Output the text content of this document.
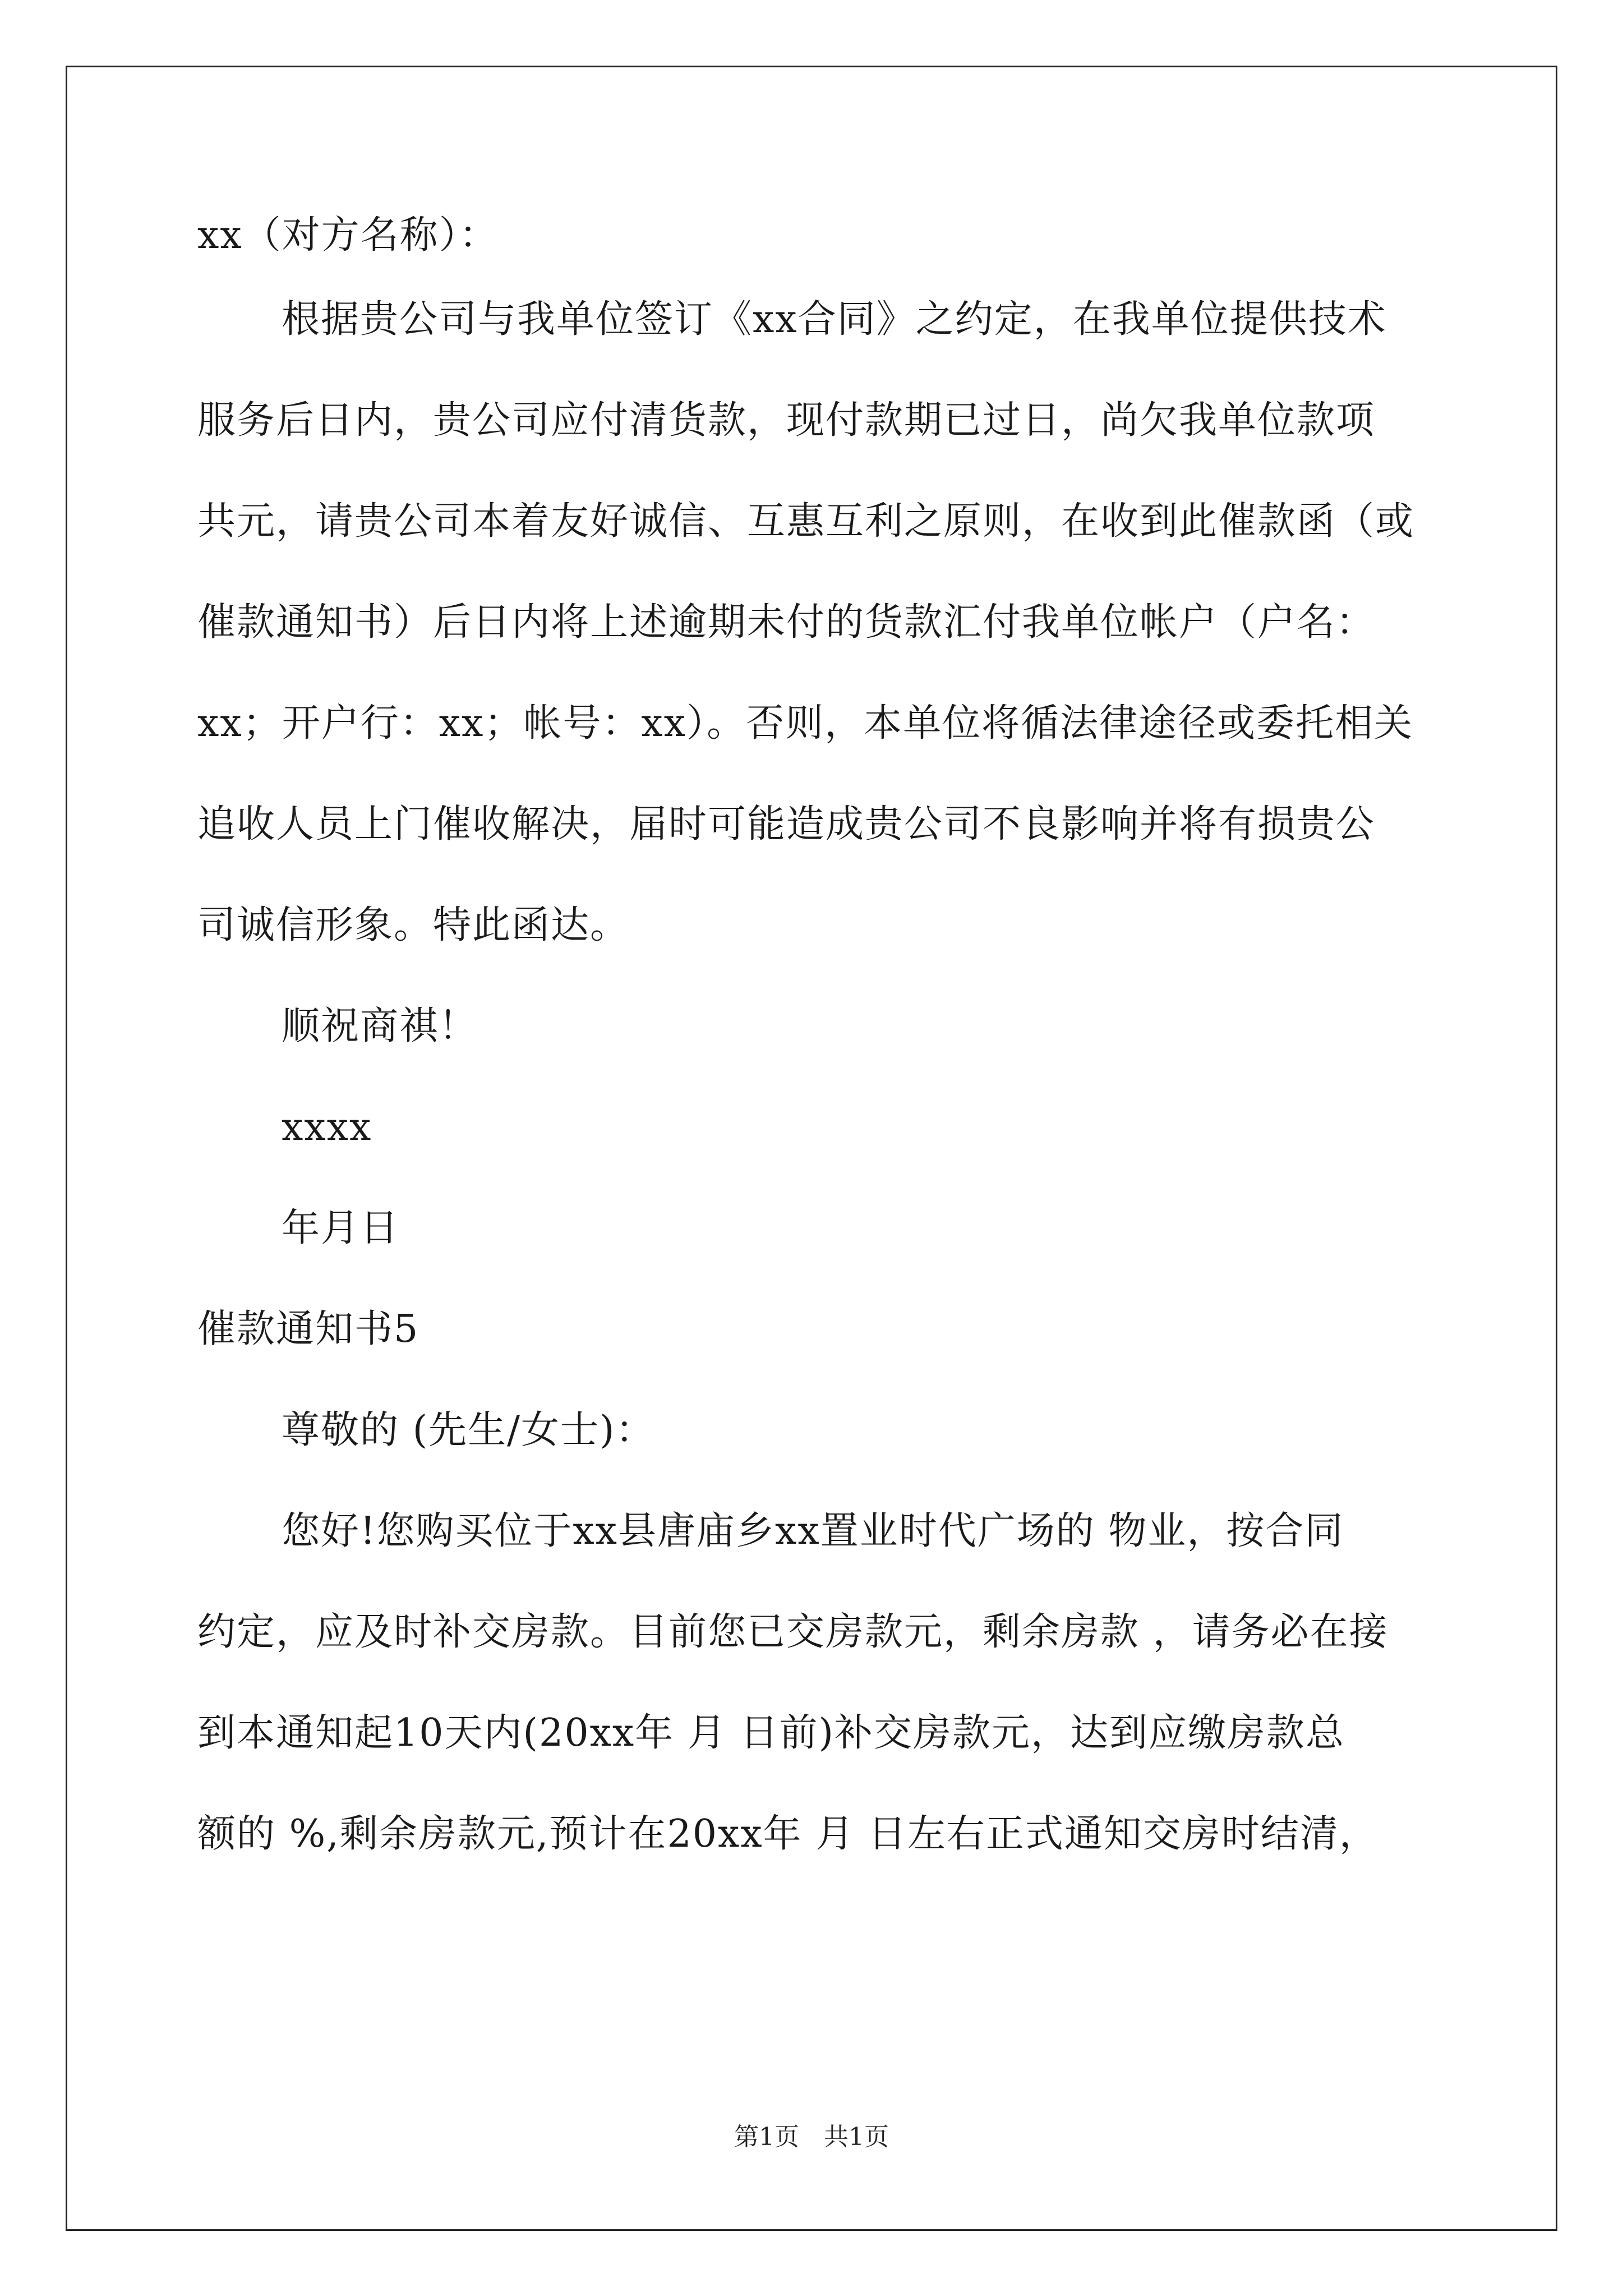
xx（对方名称）：
根据贵公司与我单位签订《xx合同》之约定，在我单位提供技术
服务后日内，贵公司应付清货款，现付款期已过日，尚欠我单位款项
共元，请贵公司本着友好诚信、互惠互利之原则，在收到此催款函（或
催款通知书）后日内将上述逾期未付的货款汇付我单位帐户（户名：
xx；开户行：xx；帐号：xx）。否则，本单位将循法律途径或委托相关
追收人员上门催收解决，届时可能造成贵公司不良影响并将有损贵公
司诚信形象。特此函达。
顺祝商祺！
xxxx
年月日
催款通知书5
尊敬的 (先生/女士)：
您好!您购买位于xx县唐庙乡xx置业时代广场的 物业，按合同
约定，应及时补交房款。目前您已交房款元，剩余房款 ，请务必在接
到本通知起10天内(20xx年 月 日前)补交房款元，达到应缴房款总
额的 %,剩余房款元,预计在20xx年 月 日左右正式通知交房时结清，
第1页　共1页
